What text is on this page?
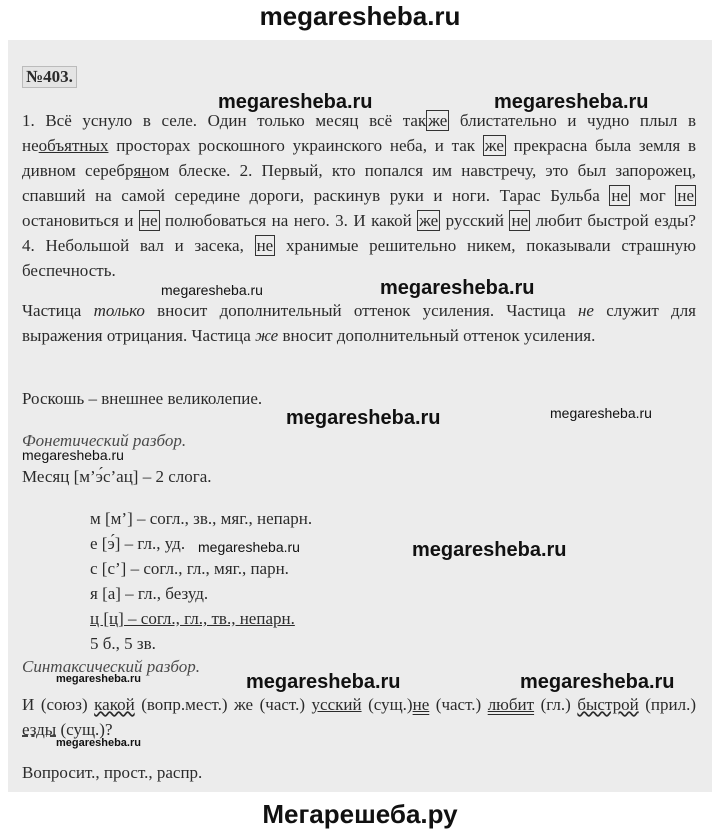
megaresheba.ru
№403.
1. Всё уснуло в селе. Один только месяц всё так же блистательно и чудно плыл в необъятных просторах роскошного украинского неба, и так же прекрасна была земля в дивном серебряном блеске. 2. Первый, кто попался им навстречу, это был запорожец, спавший на самой середине дороги, раскинув руки и ноги. Тарас Бульба не мог не остановиться и не полюбоваться на него. 3. И какой же русский не любит быстрой езды? 4. Небольшой вал и засека, не хранимые решительно никем, показывали страшную беспечность.
Частица только вносит дополнительный оттенок усиления. Частица не служит для выражения отрицания. Частица же вносит дополнительный оттенок усиления.
Роскошь – внешнее великолепие.
Фонетический разбор.
Месяц [м’э́с’ац] – 2 слога.
м [м’] – согл., зв., мяг., непарн.
е [э́] – гл., уд.
с [с’] – согл., гл., мяг., парн.
я [а] – гл., безуд.
ц [ц] – согл., гл., тв., непарн.
5 б., 5 зв.
Синтаксический разбор.
И (союз) какой (вопр.мест.) же (част.) усский (сущ.)не (част.) любит (гл.) быстрой (прил.) езды (сущ.)?
Вопросит., прост., распр.
megaresheba.ru	megaresheba.ru
megaresheba.ru
megaresheba.ru
megaresheba.ru	megaresheba.ru
megaresheba.ru
megaresheba.ru	megaresheba.ru
megaresheba.ru	megaresheba.ru	megaresheba.ru
megaresheba.ru
Мегарешеба.ру
